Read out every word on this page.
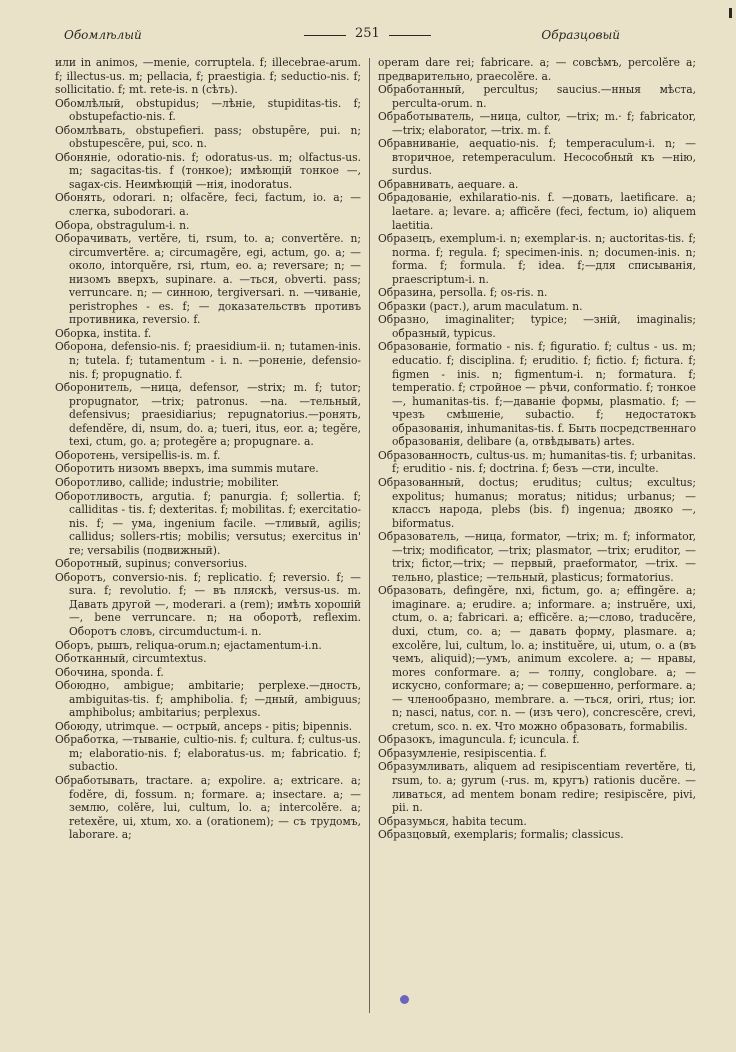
Обомлѣлый	251	Образцовый

или in animos, —menie, corruptela. f; illecebrae-arum. f; illectus-us. m; pellacia, f; praestigia. f; seductio-nis. f; sollicitatio. f; mt. rete-is. n (сѣть).

Обомлѣлый, obstupidus; —лѣніе, stupiditas-tis. f; obstupefactio-nis. f.

Обомлѣвать, obstupefieri. pass; obstupēre, pui. n; obstupescēre, pui, sco. n.

Обоняніе, odoratio-nis. f; odoratus-us. m; olfactus-us. m; sagacitas-tis. f (тонкое); имѣющій тонкое —, sagax-cis. Неимѣющій —нія, inodoratus.

Обонять, odorari. n; olfacĕre, feci, factum, io. a; — слегка, subodorari. a.

Обора, obstragulum-i. n.

Оборачивать, vertĕre, ti, rsum, to. a; convertĕre. n; circumvertĕre. a; circumagĕre, egi, actum, go. a; — около, intorquĕre, rsi, rtum, eo. a; reversare; n; — низомъ вверхъ, supinare. a. —ться, obverti. pass; verruncare. n; — синною, tergiversari. n. —чиваніе, peristrophes - es. f; — доказательствъ противъ противника, reversio. f.

Оборка, instita. f.

Оборона, defensio-nis. f; praesidium-ii. n; tutamen-inis. n; tutela. f; tutamentum - i. n. —роненіе, defensio-nis. f; propugnatio. f.

Оборонитель, —ница, defensor, —strix; m. f; tutor; propugnator, —trix; patronus. —na. —тельный, defensivus; praesidiarius; repugnatorius.—ронять, defendĕre, di, nsum, do. a; tueri, itus, eor. a; tegĕre, texi, ctum, go. a; protegĕre a; propugnare. a.

Оборотень, versipellis-is. m. f.

Оборотить низомъ вверхъ, ima summis mutare.

Оборотливо, callide; industrie; mobiliter.

Оборотливость, argutia. f; panurgia. f; sollertia. f; calliditas - tis. f; dexteritas. f; mobilitas. f; exercitatio-nis. f; — ума, ingenium facile. —тливый, agilis; callidus; sollers-rtis; mobilis; versutus; exercitus in' re; versabilis (подвижный).

Оборотный, supinus; conversorius.

Оборотъ, conversio-nis. f; replicatio. f; reversio. f; — sura. f; revolutio. f; — въ пляскѣ, versus-us. m. Давать другой —, moderari. a (rem); имѣть хорошій —, bene verruncare. n; на оборотѣ, reflexim. Оборотъ словъ, circumductum-i. n.

Оборъ, рышъ, reliqua-orum.n; ejactamentum-i.n.

Оботканный, circumtextus.

Обочина, sponda. f.

Обоюдно, ambigue; ambitarie; perplexe.—дность, ambiguitas-tis. f; amphibolia. f; —дный, ambiguus; amphibolus; ambitarius; perplexus.

Обоюду, utrimque. — острый, anceps - pitis; bipennis.

Обработка, —тываніе, cultio-nis. f; cultura. f; cultus-us. m; elaboratio-nis. f; elaboratus-us. m; fabricatio. f; subactio.

Обработывать, tractare. a; expolire. a; extricare. a; fodĕre, di, fossum. n; formare. a; insectare. a; — землю, colĕre, lui, cultum, lo. a; intercolĕre. a; retexĕre, ui, xtum, xo. a (orationem); — съ трудомъ, laborare. a;

operam dare rei; fabricare. a; — совсѣмъ, percolĕre a; предварительно, praecolĕre. a.

Обработанный, percultus; saucius.—нныя мѣста, perculta-orum. n.

Обработыватель, —ница, cultor, —trix; m.· f; fabricator, —trix; elaborator, —trix. m. f.

Обравниваніе, aequatio-nis. f; temperaculum-i. n; — вторичное, retemperaculum. Несособный къ —нію, surdus.

Обравнивать, aequare. a.

Обрадованіе, exhilaratio-nis. f. —довать, laetificare. a; laetare. a; levare. a; afficĕre (feci, fectum, io) aliquem laetitia.

Образецъ, exemplum-i. n; exemplar-is. n; auctoritas-tis. f; norma. f; regula. f; specimen-inis. n; documen-inis. n; forma. f; formula. f; idea. f;—для списыванія, praescriptum-i. n.

Образина, persolla. f; os-ris. n.

Образки (раст.), arum maculatum. n.

Образно, imaginaliter; typice; —зній, imaginalis; образный, typicus.

Образованіе, formatio - nis. f; figuratio. f; cultus - us. m; educatio. f; disciplina. f; eruditio. f; fictio. f; fictura. f; figmen - inis. n; figmentum-i. n; formatura. f; temperatio. f; стройное — рѣчи, conformatio. f; тонкое —, humanitas-tis. f;—даваніе формы, plasmatio. f; — чрезъ смѣшеніе, subactio. f; недостатокъ образованія, inhumanitas-tis. f. Быть посредственнаго образованія, delibare (a, отвѣдывать) artes.

Образованность, cultus-us. m; humanitas-tis. f; urbanitas. f; eruditio - nis. f; doctrina. f; безъ —сти, inculte.

Образованный, doctus; eruditus; cultus; excultus; expolitus; humanus; moratus; nitidus; urbanus; — классъ народа, plebs (bis. f) ingenua; двояко —, biformatus.

Образователь, —ница, formator, —trix; m. f; informator, —trix; modificator, —trix; plasmator, —trix; eruditor, —trix; fictor,—trix; — первый, praeformator, —trix. —тельно, plastice; —тельный, plasticus; formatorius.

Образовать, defingĕre, nxi, fictum, go. a; effingĕre. a; imaginare. a; erudire. a; informare. a; instruĕre, uxi, ctum, o. a; fabricari. a; efficĕre. a;—слово, traducĕre, duxi, ctum, co. a; — давать форму, plasmare. a; excolĕre, lui, cultum, lo. a; instituĕre, ui, utum, o. a (въ чемъ, aliquid);—умъ, animum excolere. a; — нравы, mores conformare. a; — толпу, conglobare. a; — искусно, conformare; a; — совершенно, performare. a; — членообразно, membrare. a. —ться, oriri, rtus; ior. n; nasci, natus, cor. n. — (изъ чего), concrescĕre, crevi, cretum, sco. n. ex. Что можно образовать, formabilis.

Образокъ, imaguncula. f; icuncula. f.

Образумленіе, resipiscentia. f.

Образумливать, aliquem ad resipiscentiam revertĕre, ti, rsum, to. a; gyrum (-rus. m, кругъ) rationis ducĕre. —ливаться, ad mentem bonam redire; resipiscĕre, pivi, pii. n.

Образумься, habita tecum.

Образцовый, exemplaris; formalis; classicus.
